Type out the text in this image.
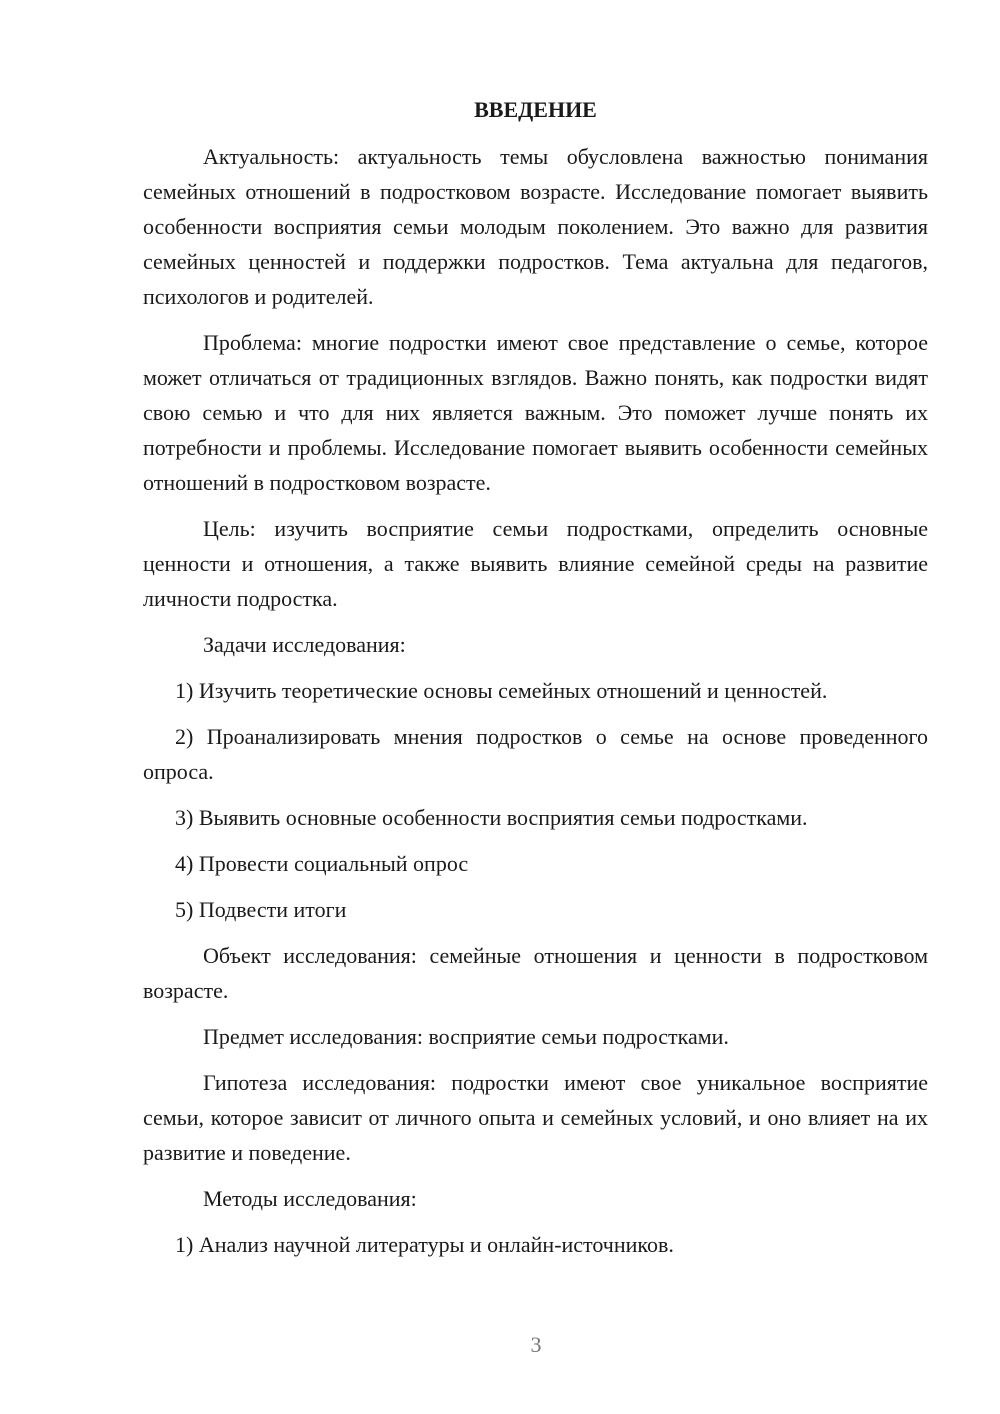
ВВЕДЕНИЕ

Актуальность: актуальность темы обусловлена важностью понимания семейных отношений в подростковом возрасте. Исследование помогает выявить особенности восприятия семьи молодым поколением. Это важно для развития семейных ценностей и поддержки подростков. Тема актуальна для педагогов, психологов и родителей.

Проблема: многие подростки имеют свое представление о семье, которое может отличаться от традиционных взглядов. Важно понять, как подростки видят свою семью и что для них является важным. Это поможет лучше понять их потребности и проблемы. Исследование помогает выявить особенности семейных отношений в подростковом возрасте.

Цель: изучить восприятие семьи подростками, определить основные ценности и отношения, а также выявить влияние семейной среды на развитие личности подростка.

Задачи исследования:

1) Изучить теоретические основы семейных отношений и ценностей.

2) Проанализировать мнения подростков о семье на основе проведенного опроса.

3) Выявить основные особенности восприятия семьи подростками.

4) Провести социальный опрос

5) Подвести итоги

Объект исследования: семейные отношения и ценности в подростковом возрасте.

Предмет исследования: восприятие семьи подростками.

Гипотеза исследования: подростки имеют свое уникальное восприятие семьи, которое зависит от личного опыта и семейных условий, и оно влияет на их развитие и поведение.

Методы исследования:

1) Анализ научной литературы и онлайн-источников.

3
